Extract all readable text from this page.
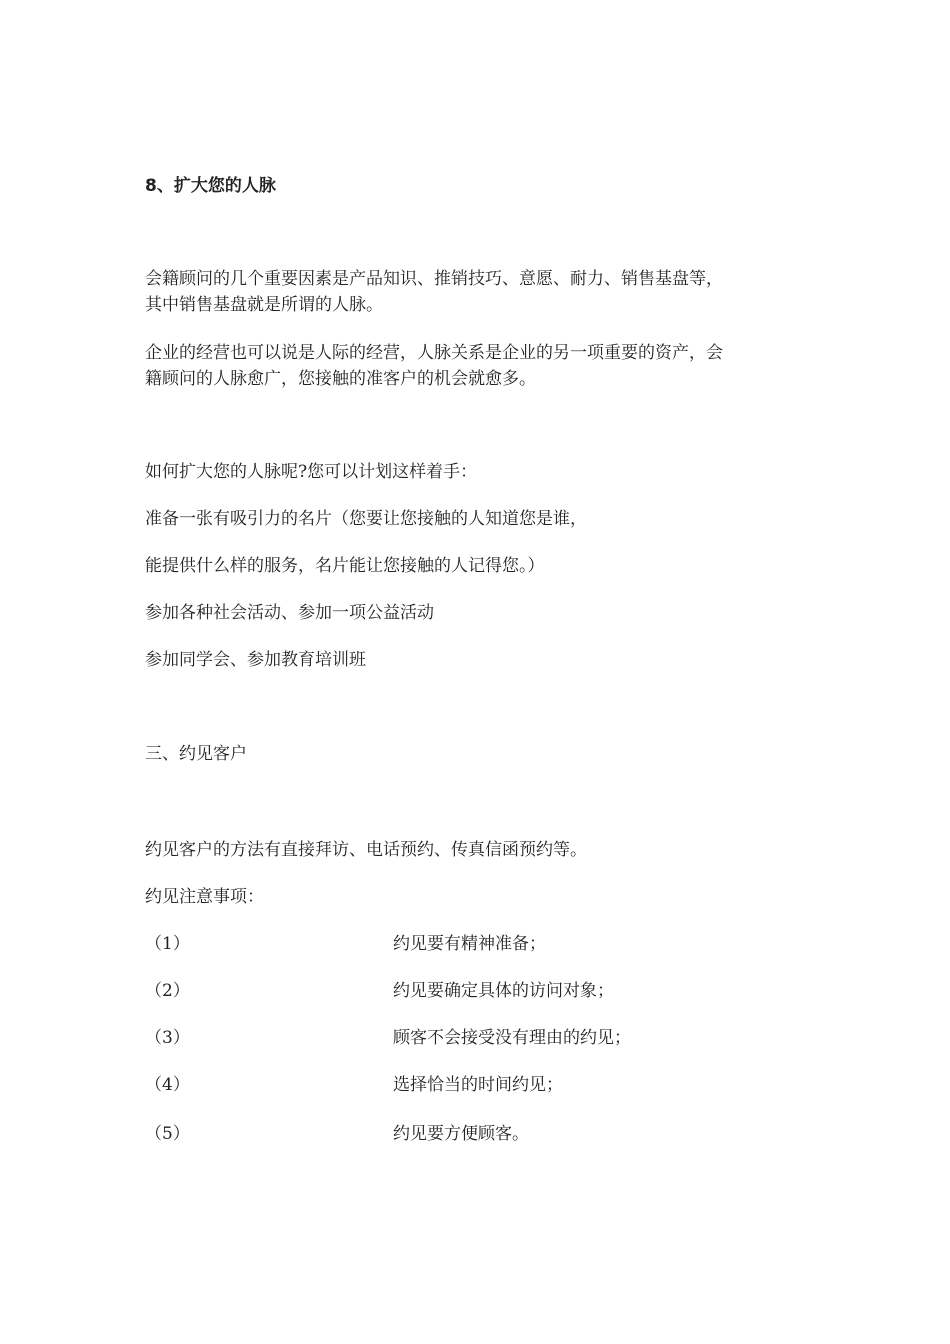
8、扩大您的人脉

会籍顾问的几个重要因素是产品知识、推销技巧、意愿、耐力、销售基盘等，

其中销售基盘就是所谓的人脉。

企业的经营也可以说是人际的经营，人脉关系是企业的另一项重要的资产，会

籍顾问的人脉愈广，您接触的准客户的机会就愈多。

如何扩大您的人脉呢?您可以计划这样着手：

准备一张有吸引力的名片（您要让您接触的人知道您是谁，

能提供什么样的服务，名片能让您接触的人记得您。）

参加各种社会活动、参加一项公益活动

参加同学会、参加教育培训班

三、约见客户

约见客户的方法有直接拜访、电话预约、传真信函预约等。

约见注意事项：

（1）	约见要有精神准备；
（2）	约见要确定具体的访问对象；
（3）	顾客不会接受没有理由的约见；
（4）	选择恰当的时间约见；
（5）	约见要方便顾客。
